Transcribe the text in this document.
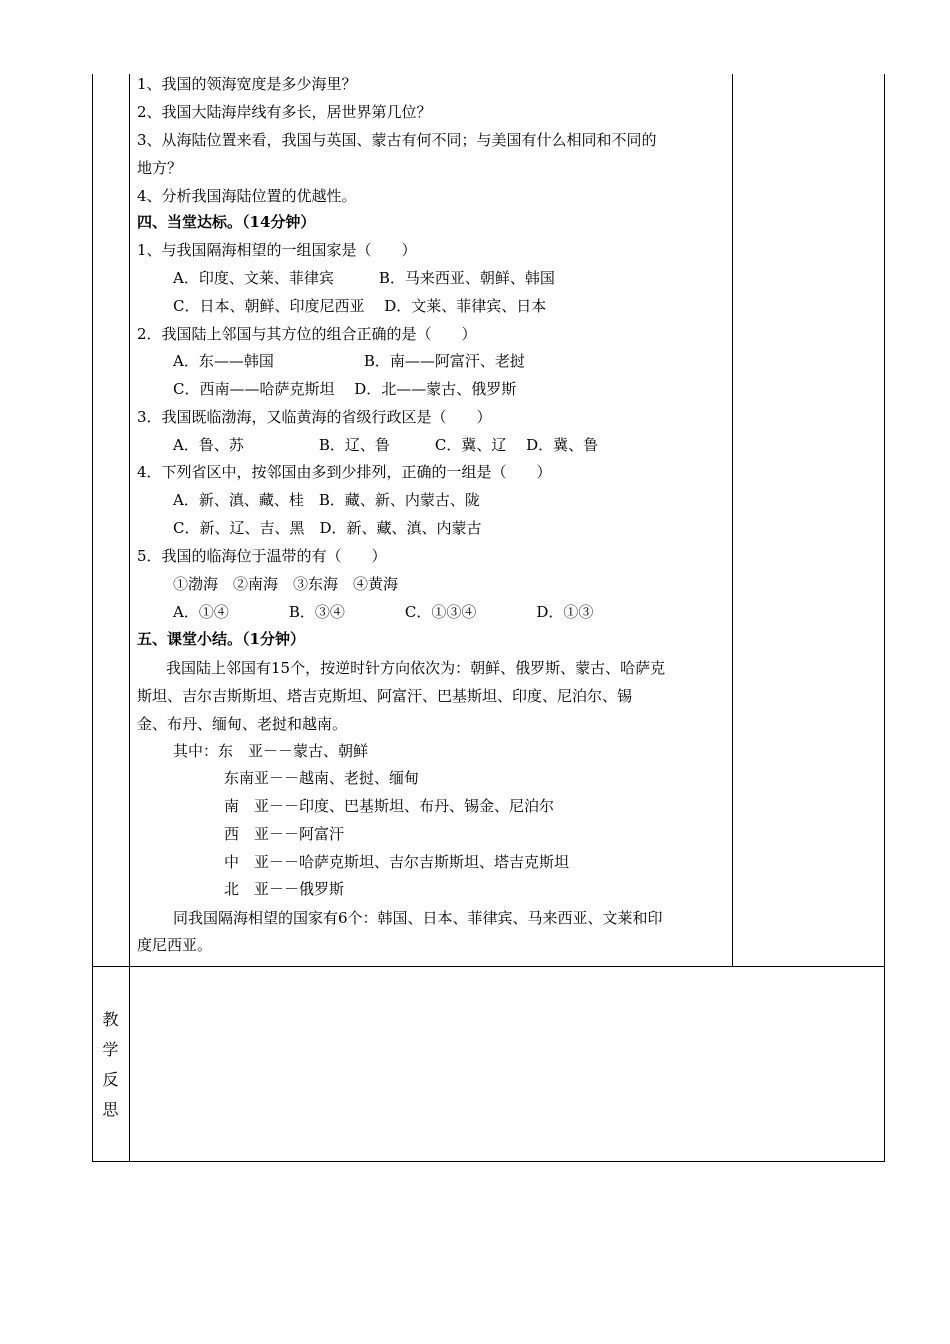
1、我国的领海宽度是多少海里？
2、我国大陆海岸线有多长，居世界第几位？
3、从海陆位置来看，我国与英国、蒙古有何不同；与美国有什么相同和不同的
地方？
4、分析我国海陆位置的优越性。
四、当堂达标。（14分钟）
1、与我国隔海相望的一组国家是（　　）
A．印度、文莱、菲律宾　　　B．马来西亚、朝鲜、韩国
C．日本、朝鲜、印度尼西亚　 D．文莱、菲律宾、日本
2．我国陆上邻国与其方位的组合正确的是（　　）
A．东——韩国　　　　　　B．南——阿富汗、老挝
C．西南——哈萨克斯坦　 D．北——蒙古、俄罗斯
3．我国既临渤海，又临黄海的省级行政区是（　　）
A．鲁、苏　　　　　B．辽、鲁　　　C．冀、辽　 D．冀、鲁
4．下列省区中，按邻国由多到少排列，正确的一组是（　　）
A．新、滇、藏、桂　B．藏、新、内蒙古、陇
C．新、辽、吉、黑　D．新、藏、滇、内蒙古
5．我国的临海位于温带的有（　　）
①渤海　②南海　③东海　④黄海
A．①④　　　　B．③④　　　　C．①③④　　　　D．①③
五、课堂小结。（1分钟）
我国陆上邻国有15个，按逆时针方向依次为：朝鲜、俄罗斯、蒙古、哈萨克
斯坦、吉尔吉斯斯坦、塔吉克斯坦、阿富汗、巴基斯坦、印度、尼泊尔、锡
金、布丹、缅甸、老挝和越南。
其中：东　亚－－蒙古、朝鲜
东南亚－－越南、老挝、缅甸
南　亚－－印度、巴基斯坦、布丹、锡金、尼泊尔
西　亚－－阿富汗
中　亚－－哈萨克斯坦、吉尔吉斯斯坦、塔吉克斯坦
北　亚－－俄罗斯
同我国隔海相望的国家有6个：韩国、日本、菲律宾、马来西亚、文莱和印
度尼西亚。
教
学
反
思
